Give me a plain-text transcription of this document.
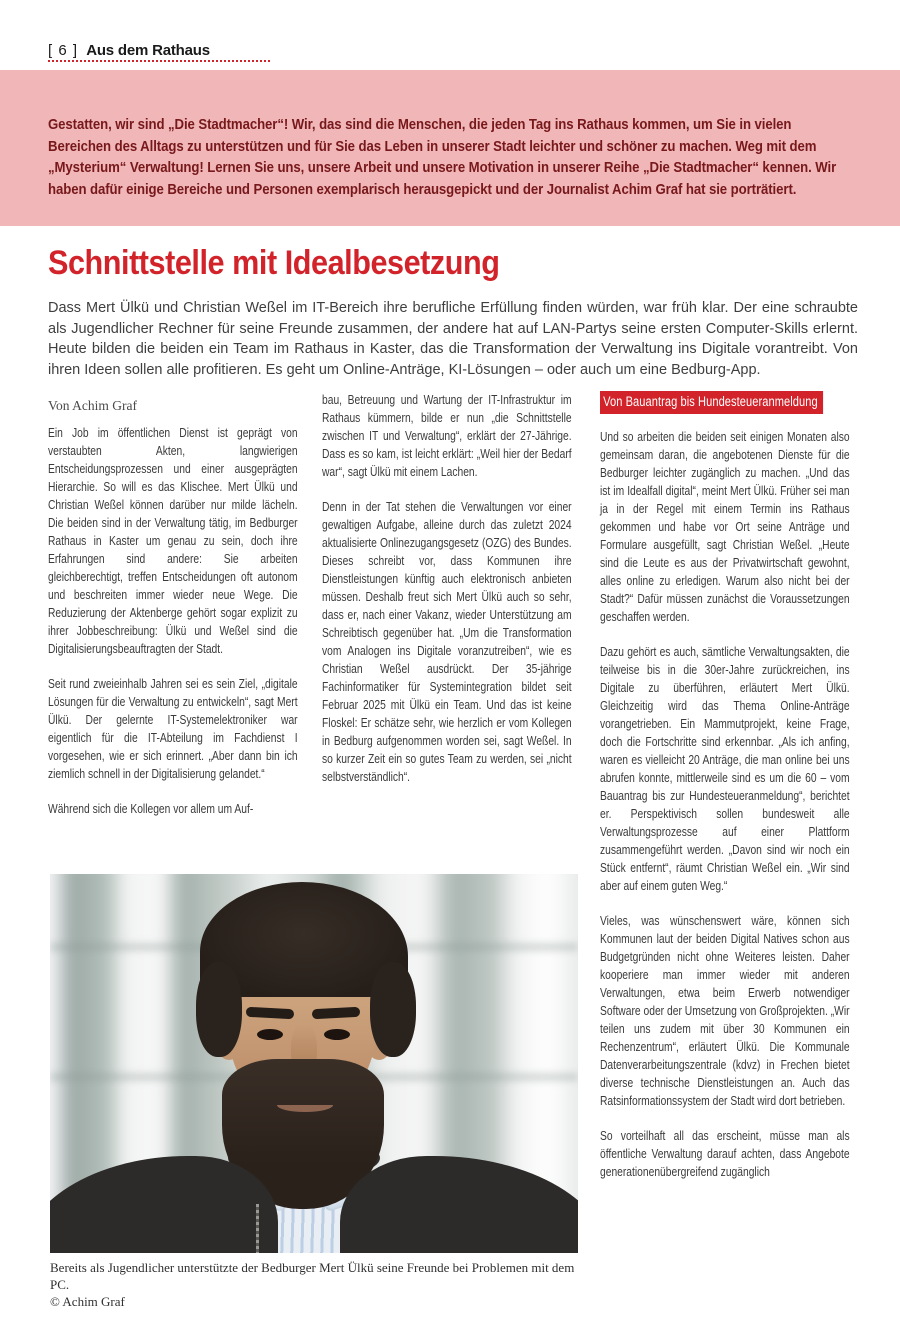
[ 6 ] Aus dem Rathaus
Gestatten, wir sind „Die Stadtmacher“! Wir, das sind die Menschen, die jeden Tag ins Rathaus kommen, um Sie in vielen Bereichen des Alltags zu unterstützen und für Sie das Leben in unserer Stadt leichter und schöner zu machen. Weg mit dem „Mysterium“ Verwaltung! Lernen Sie uns, unsere Arbeit und unsere Motivation in unserer Reihe „Die Stadtmacher“ kennen. Wir haben dafür einige Bereiche und Personen exemplarisch herausgepickt und der Journalist Achim Graf hat sie porträtiert.
Schnittstelle mit Idealbesetzung

Dass Mert Ülkü und Christian Weßel im IT-Bereich ihre berufliche Erfüllung finden würden, war früh klar. Der eine schraubte als Jugendlicher Rechner für seine Freunde zusammen, der andere hat auf LAN-Partys seine ersten Computer-Skills erlernt. Heute bilden die beiden ein Team im Rathaus in Kaster, das die Transformation der Verwaltung ins Digitale vorantreibt. Von ihren Ideen sollen alle profitieren. Es geht um Online-Anträge, KI-Lösungen – oder auch um eine Bedburg-App.

Von Achim Graf

Ein Job im öffentlichen Dienst ist geprägt von verstaubten Akten, langwierigen Entscheidungsprozessen und einer ausgeprägten Hierarchie. So will es das Klischee. Mert Ülkü und Christian Weßel können darüber nur milde lächeln. Die beiden sind in der Verwaltung tätig, im Bedburger Rathaus in Kaster um genau zu sein, doch ihre Erfahrungen sind andere: Sie arbeiten gleichberechtigt, treffen Entscheidungen oft autonom und beschreiten immer wieder neue Wege. Die Reduzierung der Aktenberge gehört sogar explizit zu ihrer Jobbeschreibung: Ülkü und Weßel sind die Digitalisierungsbeauftragten der Stadt.

Seit rund zweieinhalb Jahren sei es sein Ziel, „digitale Lösungen für die Verwaltung zu entwickeln“, sagt Mert Ülkü. Der gelernte IT-Systemelektroniker war eigentlich für die IT-Abteilung im Fachdienst I vorgesehen, wie er sich erinnert. „Aber dann bin ich ziemlich schnell in der Digitalisierung gelandet.“

Während sich die Kollegen vor allem um Auf-

bau, Betreuung und Wartung der IT-Infrastruktur im Rathaus kümmern, bilde er nun „die Schnittstelle zwischen IT und Verwaltung“, erklärt der 27-Jährige. Dass es so kam, ist leicht erklärt: „Weil hier der Bedarf war“, sagt Ülkü mit einem Lachen.

Denn in der Tat stehen die Verwaltungen vor einer gewaltigen Aufgabe, alleine durch das zuletzt 2024 aktualisierte Onlinezugangsgesetz (OZG) des Bundes. Dieses schreibt vor, dass Kommunen ihre Dienstleistungen künftig auch elektronisch anbieten müssen. Deshalb freut sich Mert Ülkü auch so sehr, dass er, nach einer Vakanz, wieder Unterstützung am Schreibtisch gegenüber hat. „Um die Transformation vom Analogen ins Digitale voranzutreiben“, wie es Christian Weßel ausdrückt. Der 35-jährige Fachinformatiker für Systemintegration bildet seit Februar 2025 mit Ülkü ein Team. Und das ist keine Floskel: Er schätze sehr, wie herzlich er vom Kollegen in Bedburg aufgenommen worden sei, sagt Weßel. In so kurzer Zeit ein so gutes Team zu werden, sei „nicht selbstverständlich“.

Von Bauantrag bis Hundesteueranmeldung

Und so arbeiten die beiden seit einigen Monaten also gemeinsam daran, die angebotenen Dienste für die Bedburger leichter zugänglich zu machen. „Und das ist im Idealfall digital“, meint Mert Ülkü. Früher sei man ja in der Regel mit einem Termin ins Rathaus gekommen und habe vor Ort seine Anträge und Formulare ausgefüllt, sagt Christian Weßel. „Heute sind die Leute es aus der Privatwirtschaft gewohnt, alles online zu erledigen. Warum also nicht bei der Stadt?“ Dafür müssen zunächst die Voraussetzungen geschaffen werden.

Dazu gehört es auch, sämtliche Verwaltungsakten, die teilweise bis in die 30er-Jahre zurückreichen, ins Digitale zu überführen, erläutert Mert Ülkü. Gleichzeitig wird das Thema Online-Anträge vorangetrieben. Ein Mammutprojekt, keine Frage, doch die Fortschritte sind erkennbar. „Als ich anfing, waren es vielleicht 20 Anträge, die man online bei uns abrufen konnte, mittlerweile sind es um die 60 – vom Bauantrag bis zur Hundesteueranmeldung“, berichtet er. Perspektivisch sollen bundesweit alle Verwaltungsprozesse auf einer Plattform zusammengeführt werden. „Davon sind wir noch ein Stück entfernt“, räumt Christian Weßel ein. „Wir sind aber auf einem guten Weg.“

Vieles, was wünschenswert wäre, können sich Kommunen laut der beiden Digital Natives schon aus Budgetgründen nicht ohne Weiteres leisten. Daher kooperiere man immer wieder mit anderen Verwaltungen, etwa beim Erwerb notwendiger Software oder der Umsetzung von Großprojekten. „Wir teilen uns zudem mit über 30 Kommunen ein Rechenzentrum“, erläutert Ülkü. Die Kommunale Datenverarbeitungszentrale (kdvz) in Frechen bietet diverse technische Dienstleistungen an. Auch das Ratsinformationssystem der Stadt wird dort betrieben.

So vorteilhaft all das erscheint, müsse man als öffentliche Verwaltung darauf achten, dass Angebote generationenübergreifend zugänglich

Bereits als Jugendlicher unterstützte der Bedburger Mert Ülkü seine Freunde bei Problemen mit dem PC.

© Achim Graf
